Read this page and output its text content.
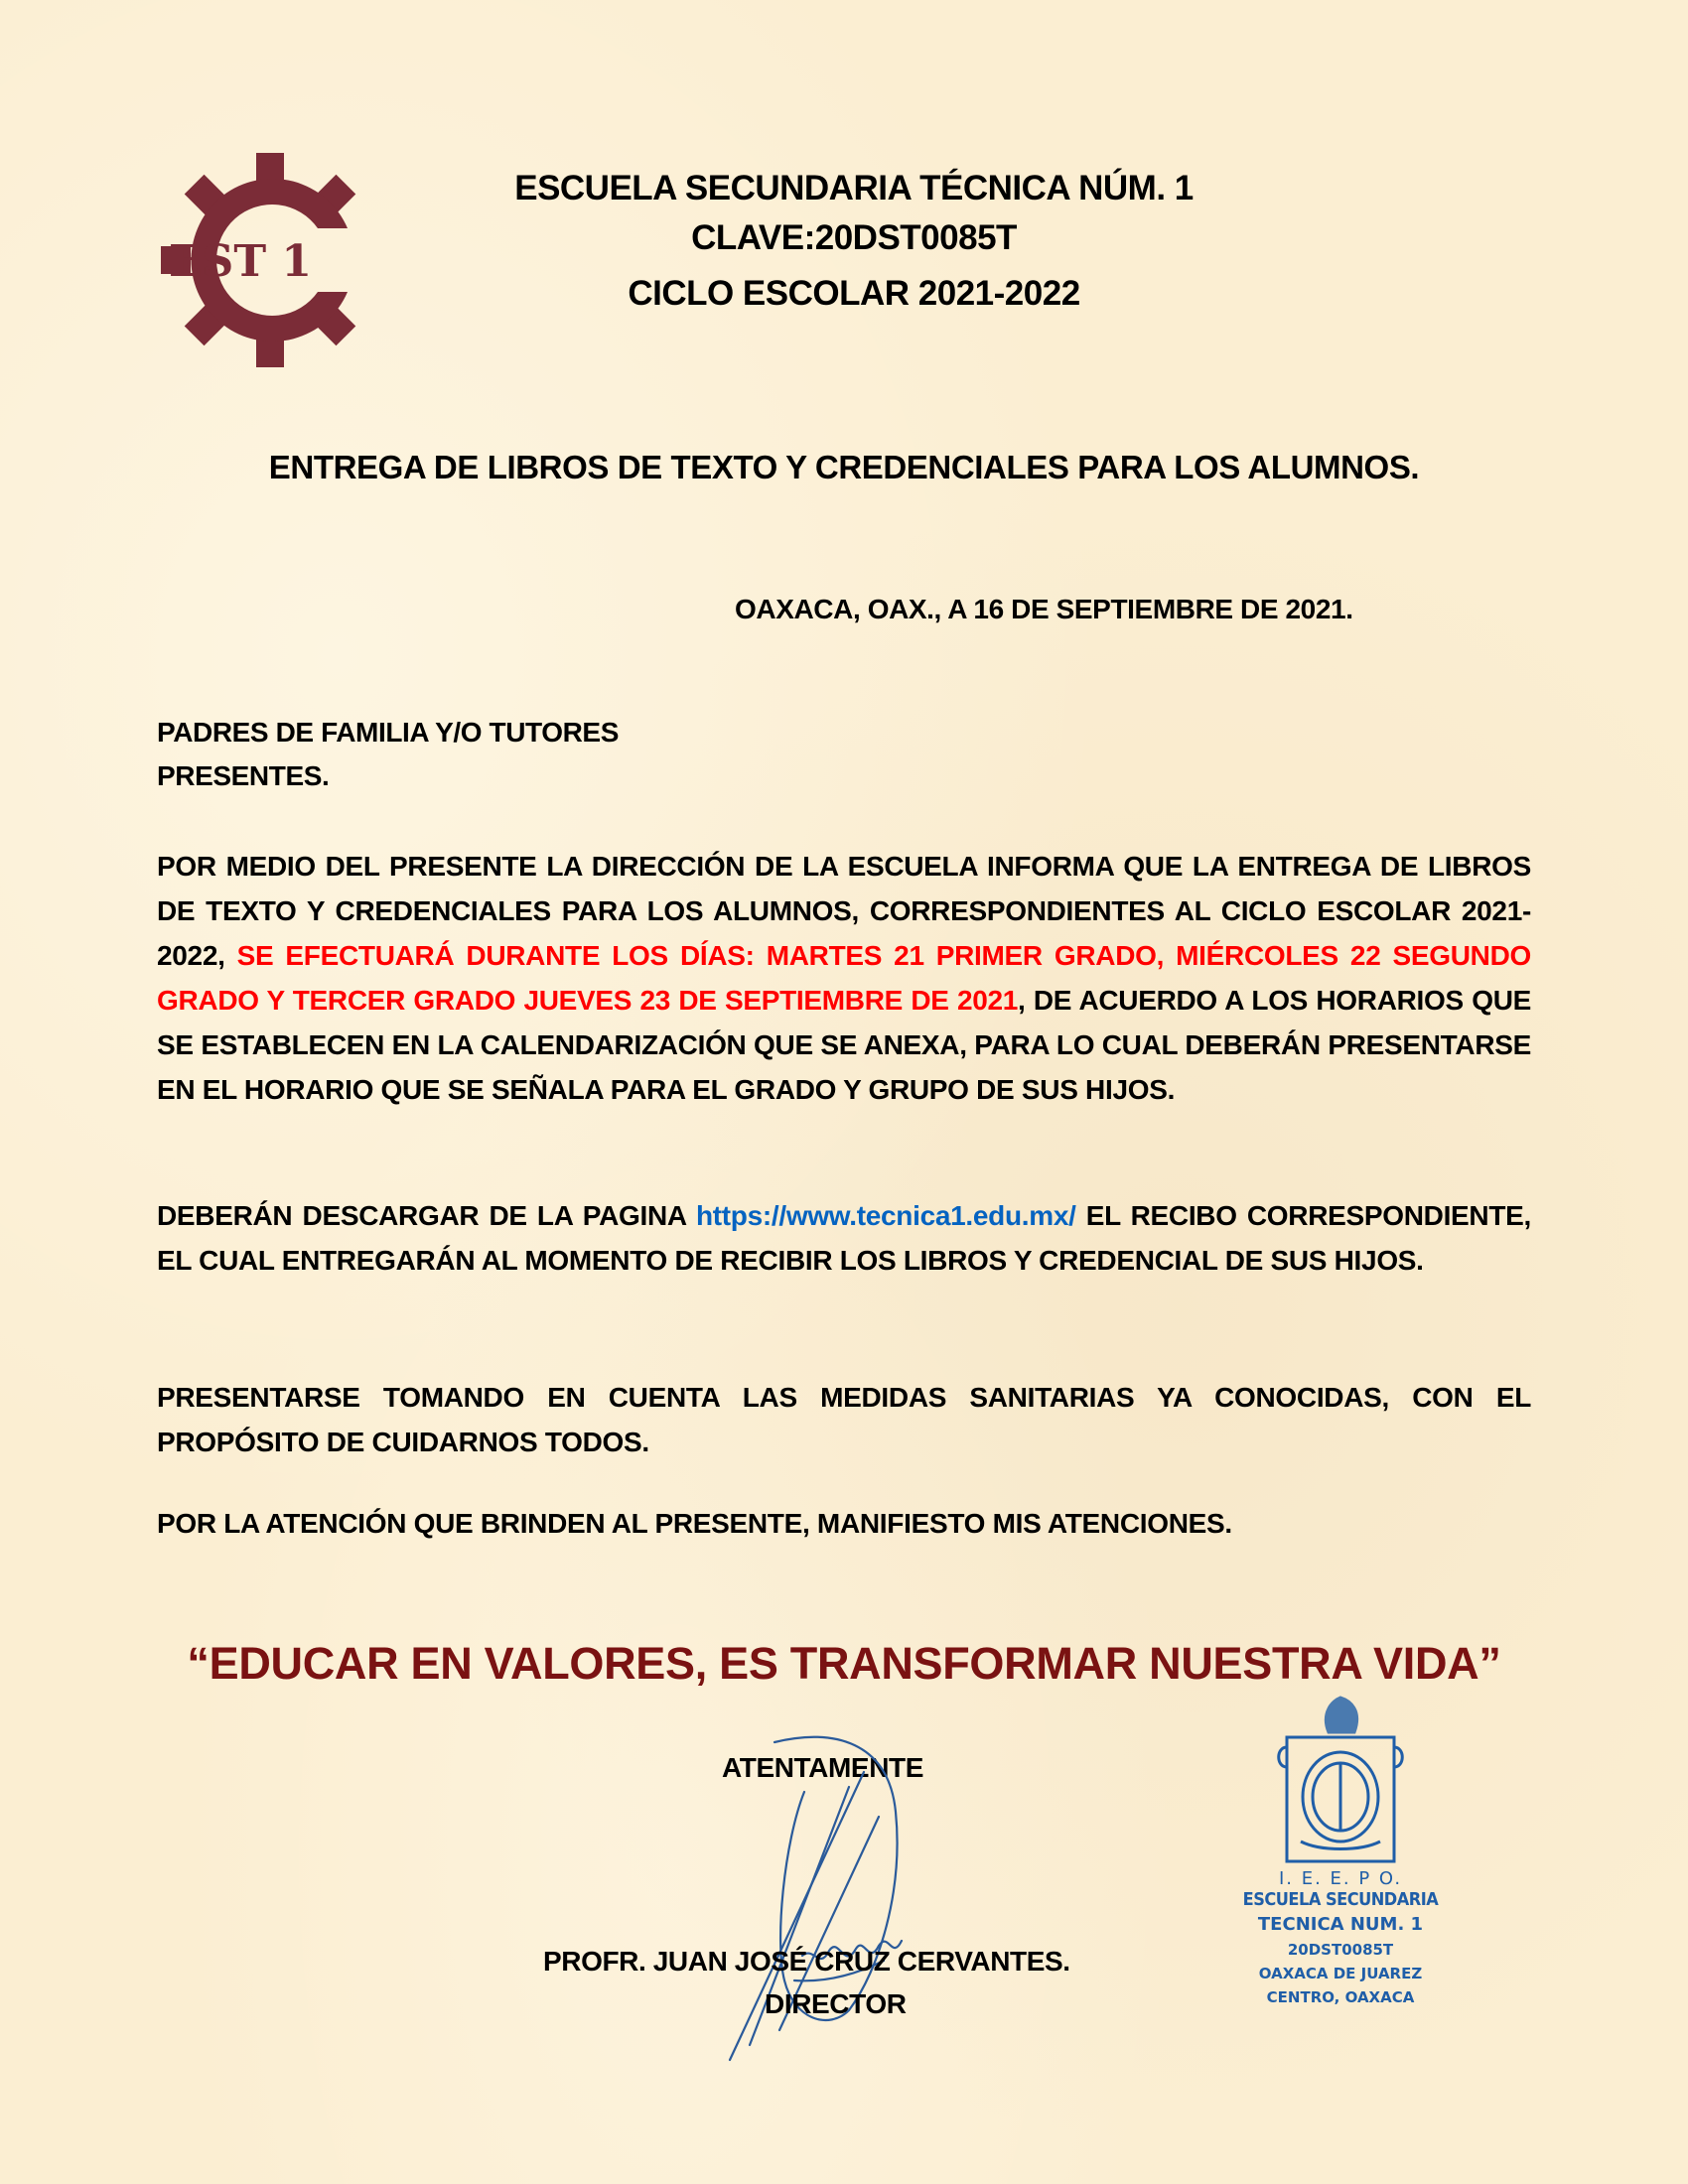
EST 1
ESCUELA SECUNDARIA TÉCNICA NÚM. 1
CLAVE:20DST0085T
CICLO ESCOLAR 2021-2022
ENTREGA DE LIBROS DE TEXTO Y CREDENCIALES PARA LOS ALUMNOS.
OAXACA, OAX., A 16 DE SEPTIEMBRE DE 2021.
PADRES DE FAMILIA Y/O TUTORES
PRESENTES.
POR MEDIO DEL PRESENTE LA DIRECCIÓN DE LA ESCUELA INFORMA QUE LA ENTREGA DE LIBROS DE TEXTO Y CREDENCIALES PARA LOS ALUMNOS, CORRESPONDIENTES AL CICLO ESCOLAR 2021-2022, SE EFECTUARÁ DURANTE LOS DÍAS: MARTES 21 PRIMER GRADO, MIÉRCOLES 22 SEGUNDO GRADO Y TERCER GRADO JUEVES 23 DE SEPTIEMBRE DE 2021, DE ACUERDO A LOS HORARIOS QUE SE ESTABLECEN EN LA CALENDARIZACIÓN QUE SE ANEXA, PARA LO CUAL DEBERÁN PRESENTARSE EN EL HORARIO QUE SE SEÑALA PARA EL GRADO Y GRUPO DE SUS HIJOS.
DEBERÁN DESCARGAR DE LA PAGINA https://www.tecnica1.edu.mx/ EL RECIBO CORRESPONDIENTE, EL CUAL ENTREGARÁN AL MOMENTO DE RECIBIR LOS LIBROS Y CREDENCIAL DE SUS HIJOS.
PRESENTARSE TOMANDO EN CUENTA LAS MEDIDAS SANITARIAS YA CONOCIDAS, CON EL PROPÓSITO DE CUIDARNOS TODOS.
POR LA ATENCIÓN QUE BRINDEN AL PRESENTE, MANIFIESTO MIS ATENCIONES.
“EDUCAR EN VALORES, ES TRANSFORMAR NUESTRA VIDA”
ATENTAMENTE
PROFR. JUAN JOSÉ CRUZ CERVANTES.
DIRECTOR
I. E. E. P O.
ESCUELA SECUNDARIA
TECNICA NUM. 1
20DST0085T
OAXACA DE JUAREZ
CENTRO, OAXACA
